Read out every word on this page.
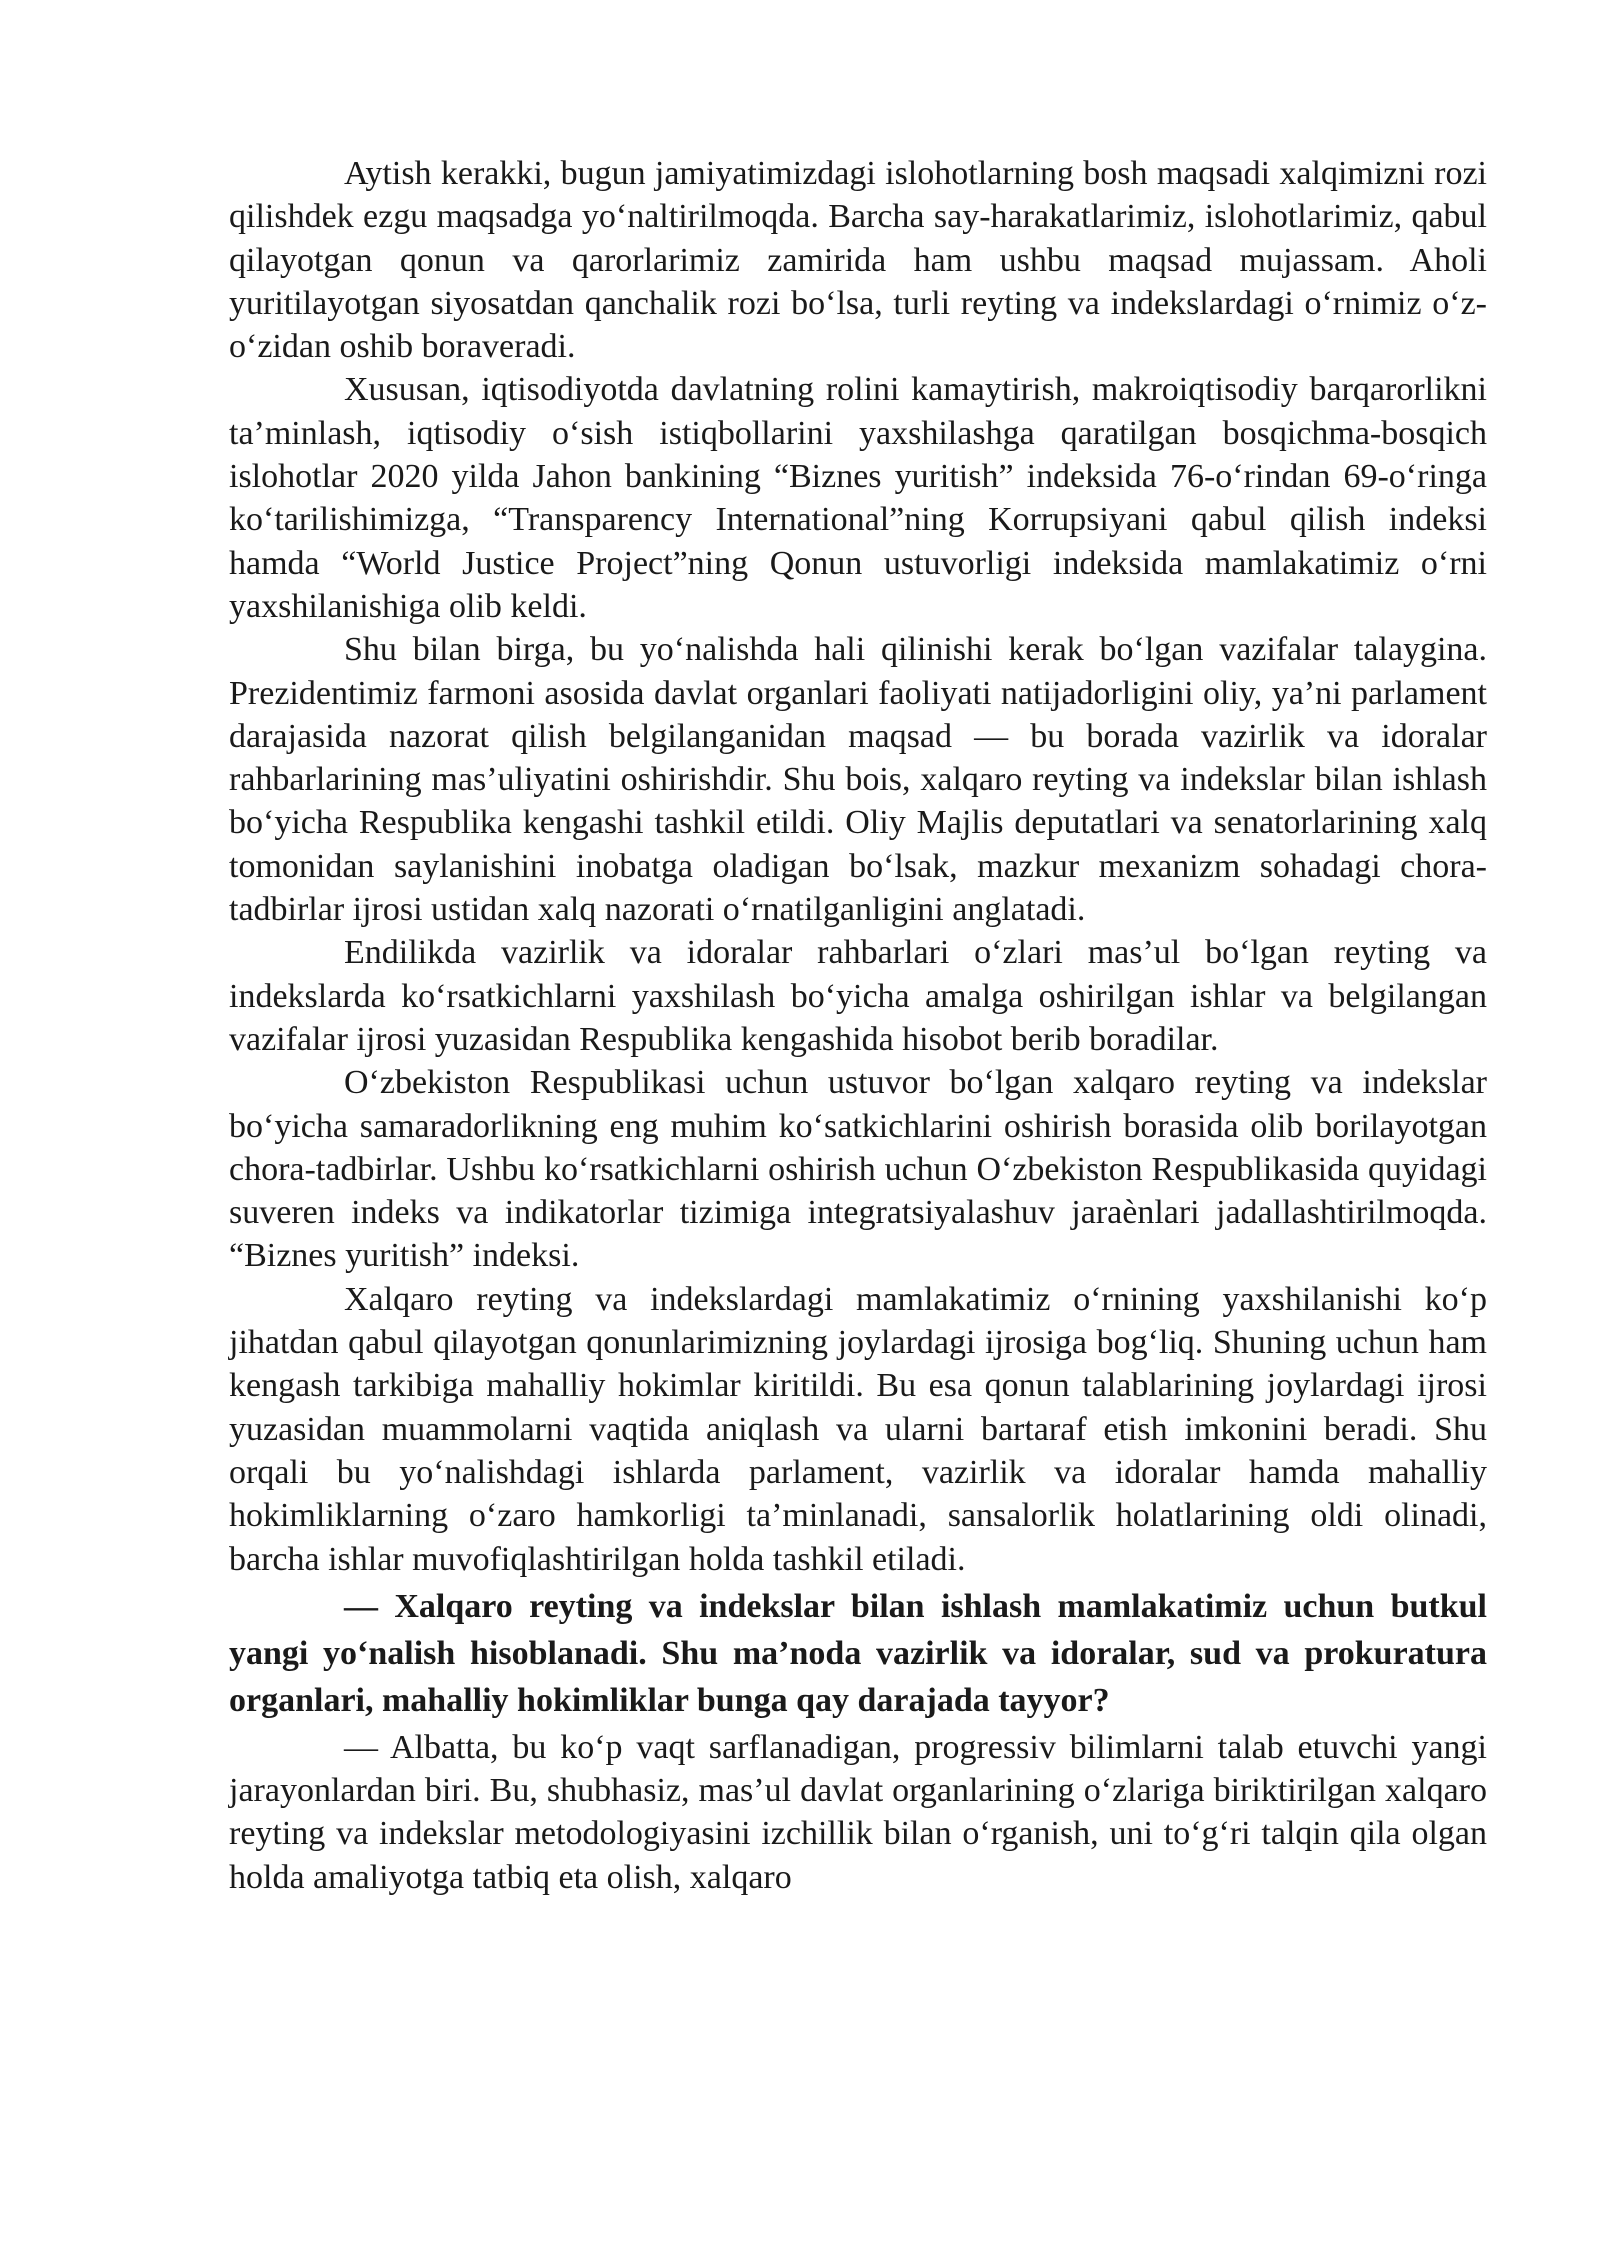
Aytish kerakki, bugun jamiyatimizdagi islohotlarning bosh maqsadi xalqimizni rozi qilishdek ezgu maqsadga yo‘naltirilmoqda. Barcha say-harakatlarimiz, islohotlarimiz, qabul qilayotgan qonun va qarorlarimiz zamirida ham ushbu maqsad mujassam. Aholi yuritilayotgan siyosatdan qanchalik rozi bo‘lsa, turli reyting va indekslardagi o‘rnimiz o‘z-o‘zidan oshib boraveradi.

Xususan, iqtisodiyotda davlatning rolini kamaytirish, makroiqtisodiy barqarorlikni ta’minlash, iqtisodiy o‘sish istiqbollarini yaxshilashga qaratilgan bosqichma-bosqich islohotlar 2020 yilda Jahon bankining “Biznes yuritish” indeksida 76-o‘rindan 69-o‘ringa ko‘tarilishimizga, “Transparency International”ning Korrupsiyani qabul qilish indeksi hamda “World Justice Project”ning Qonun ustuvorligi indeksida mamlakatimiz o‘rni yaxshilanishiga olib keldi.

Shu bilan birga, bu yo‘nalishda hali qilinishi kerak bo‘lgan vazifalar talaygina. Prezidentimiz farmoni asosida davlat organlari faoliyati natijadorligini oliy, ya’ni parlament darajasida nazorat qilish belgilanganidan maqsad — bu borada vazirlik va idoralar rahbarlarining mas’uliyatini oshirishdir. Shu bois, xalqaro reyting va indekslar bilan ishlash bo‘yicha Respublika kengashi tashkil etildi. Oliy Majlis deputatlari va senatorlarining xalq tomonidan saylanishini inobatga oladigan bo‘lsak, mazkur mexanizm sohadagi chora-tadbirlar ijrosi ustidan xalq nazorati o‘rnatilganligini anglatadi.

Endilikda vazirlik va idoralar rahbarlari o‘zlari mas’ul bo‘lgan reyting va indekslarda ko‘rsatkichlarni yaxshilash bo‘yicha amalga oshirilgan ishlar va belgilangan vazifalar ijrosi yuzasidan Respublika kengashida hisobot berib boradilar.

O‘zbekiston Respublikasi uchun ustuvor bo‘lgan xalqaro reyting va indekslar bo‘yicha samaradorlikning eng muhim ko‘satkichlarini oshirish borasida olib borilayotgan chora-tadbirlar. Ushbu ko‘rsatkichlarni oshirish uchun O‘zbekiston Respublikasida quyidagi suveren indeks va indikatorlar tizimiga integratsiyalashuv jaraѐnlari jadallashtirilmoqda. “Biznes yuritish” indeksi.

Xalqaro reyting va indekslardagi mamlakatimiz o‘rnining yaxshilanishi ko‘p jihatdan qabul qilayotgan qonunlarimizning joylardagi ijrosiga bog‘liq. Shuning uchun ham kengash tarkibiga mahalliy hokimlar kiritildi. Bu esa qonun talablarining joylardagi ijrosi yuzasidan muammolarni vaqtida aniqlash va ularni bartaraf etish imkonini beradi. Shu orqali bu yo‘nalishdagi ishlarda parlament, vazirlik va idoralar hamda mahalliy hokimliklarning o‘zaro hamkorligi ta’minlanadi, sansalorlik holatlarining oldi olinadi, barcha ishlar muvofiqlashtirilgan holda tashkil etiladi.

— Xalqaro reyting va indekslar bilan ishlash mamlakatimiz uchun butkul yangi yo‘nalish hisoblanadi. Shu ma’noda vazirlik va idoralar, sud va prokuratura organlari, mahalliy hokimliklar bunga qay darajada tayyor?

— Albatta, bu ko‘p vaqt sarflanadigan, progressiv bilimlarni talab etuvchi yangi jarayonlardan biri. Bu, shubhasiz, mas’ul davlat organlarining o‘zlariga biriktirilgan xalqaro reyting va indekslar metodologiyasini izchillik bilan o‘rganish, uni to‘g‘ri talqin qila olgan holda amaliyotga tatbiq eta olish, xalqaro
